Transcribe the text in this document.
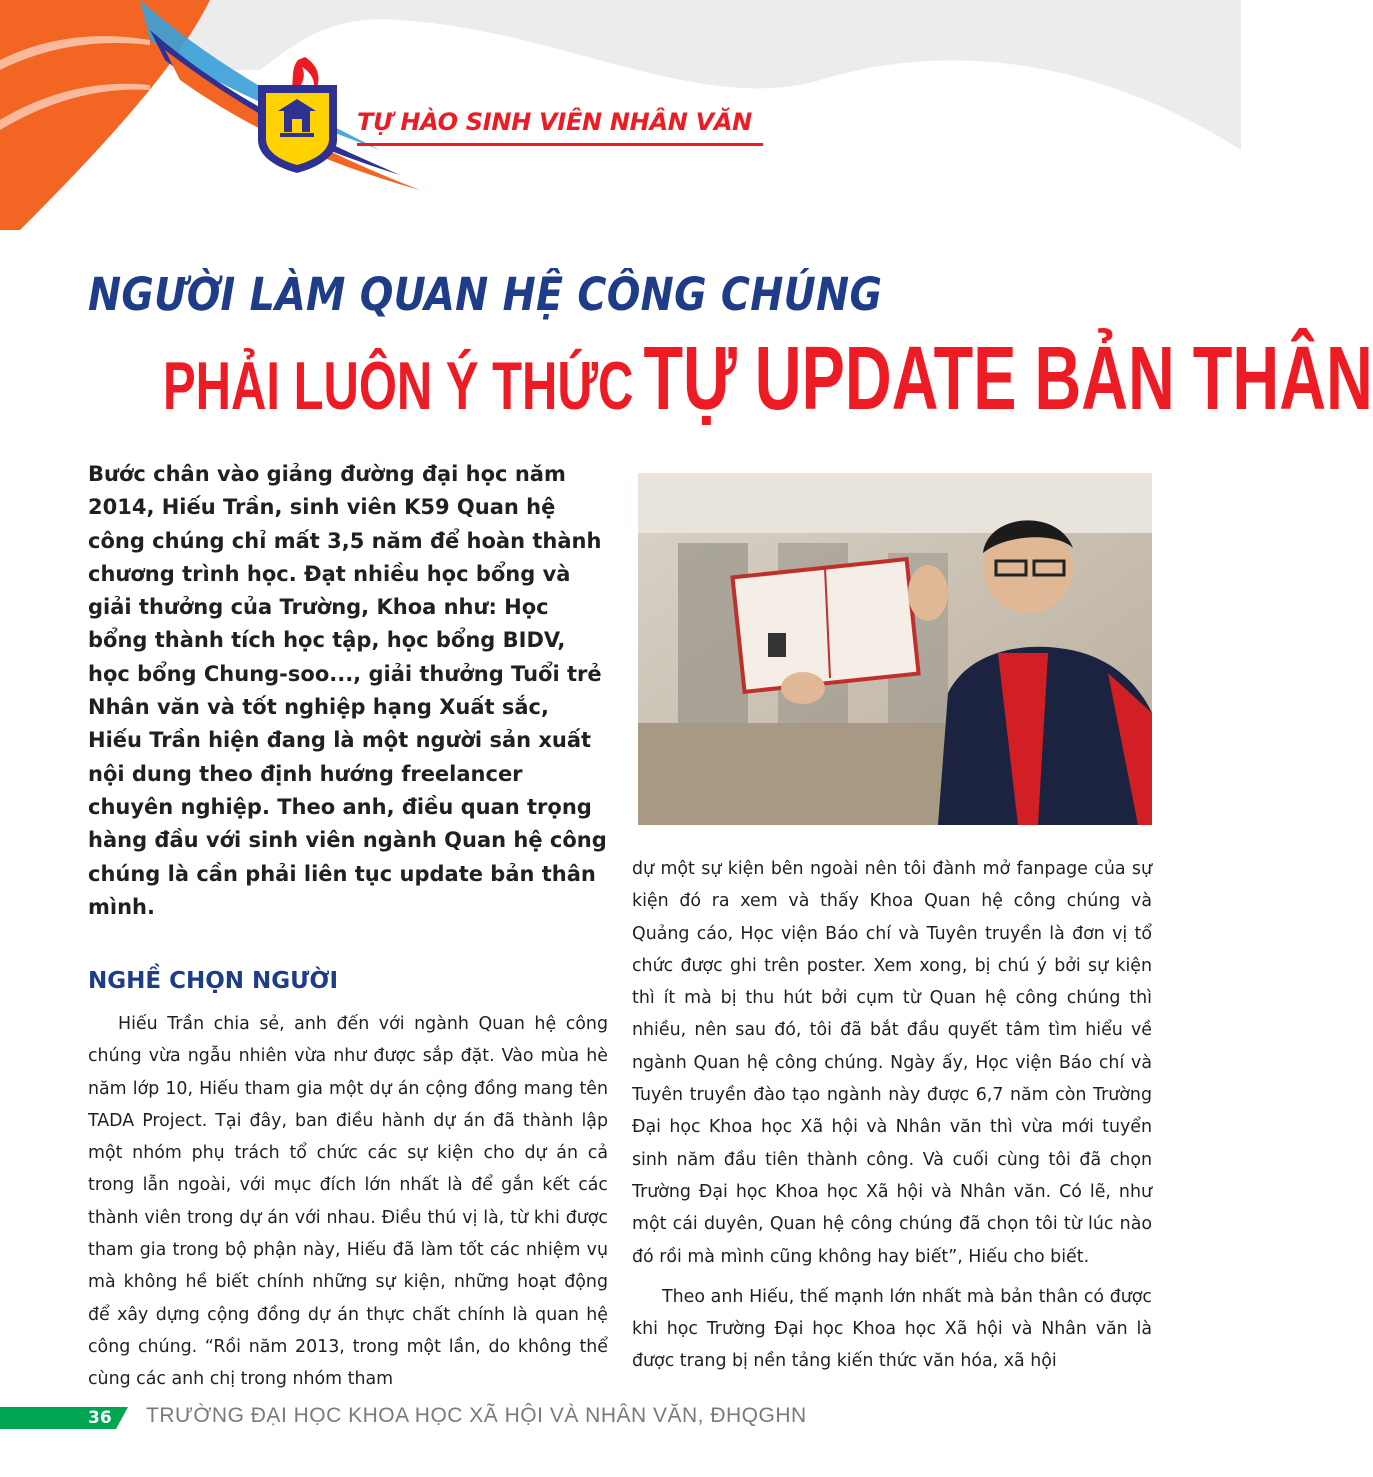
TỰ HÀO SINH VIÊN NHÂN VĂN
NGƯỜI LÀM QUAN HỆ CÔNG CHÚNG
PHẢI LUÔN Ý THỨC TỰ UPDATE BẢN THÂN

Bước chân vào giảng đường đại học năm 2014, Hiếu Trần, sinh viên K59 Quan hệ công chúng chỉ mất 3,5 năm để hoàn thành chương trình học. Đạt nhiều học bổng và giải thưởng của Trường, Khoa như: Học bổng thành tích học tập, học bổng BIDV, học bổng Chung-soo..., giải thưởng Tuổi trẻ Nhân văn và tốt nghiệp hạng Xuất sắc, Hiếu Trần hiện đang là một người sản xuất nội dung theo định hướng freelancer chuyên nghiệp. Theo anh, điều quan trọng hàng đầu với sinh viên ngành Quan hệ công chúng là cần phải liên tục update bản thân mình.

NGHỀ CHỌN NGƯỜI

Hiếu Trần chia sẻ, anh đến với ngành Quan hệ công chúng vừa ngẫu nhiên vừa như được sắp đặt. Vào mùa hè năm lớp 10, Hiếu tham gia một dự án cộng đồng mang tên TADA Project. Tại đây, ban điều hành dự án đã thành lập một nhóm phụ trách tổ chức các sự kiện cho dự án cả trong lẫn ngoài, với mục đích lớn nhất là để gắn kết các thành viên trong dự án với nhau. Điều thú vị là, từ khi được tham gia trong bộ phận này, Hiếu đã làm tốt các nhiệm vụ mà không hề biết chính những sự kiện, những hoạt động để xây dựng cộng đồng dự án thực chất chính là quan hệ công chúng. “Rồi năm 2013, trong một lần, do không thể cùng các anh chị trong nhóm tham

dự một sự kiện bên ngoài nên tôi đành mở fanpage của sự kiện đó ra xem và thấy Khoa Quan hệ công chúng và Quảng cáo, Học viện Báo chí và Tuyên truyền là đơn vị tổ chức được ghi trên poster. Xem xong, bị chú ý bởi sự kiện thì ít mà bị thu hút bởi cụm từ Quan hệ công chúng thì nhiều, nên sau đó, tôi đã bắt đầu quyết tâm tìm hiểu về ngành Quan hệ công chúng. Ngày ấy, Học viện Báo chí và Tuyên truyền đào tạo ngành này được 6,7 năm còn Trường Đại học Khoa học Xã hội và Nhân văn thì vừa mới tuyển sinh năm đầu tiên thành công. Và cuối cùng tôi đã chọn Trường Đại học Khoa học Xã hội và Nhân văn. Có lẽ, như một cái duyên, Quan hệ công chúng đã chọn tôi từ lúc nào đó rồi mà mình cũng không hay biết”, Hiếu cho biết.

Theo anh Hiếu, thế mạnh lớn nhất mà bản thân có được khi học Trường Đại học Khoa học Xã hội và Nhân văn là được trang bị nền tảng kiến thức văn hóa, xã hội

36 TRƯỜNG ĐẠI HỌC KHOA HỌC XÃ HỘI VÀ NHÂN VĂN, ĐHQGHN
